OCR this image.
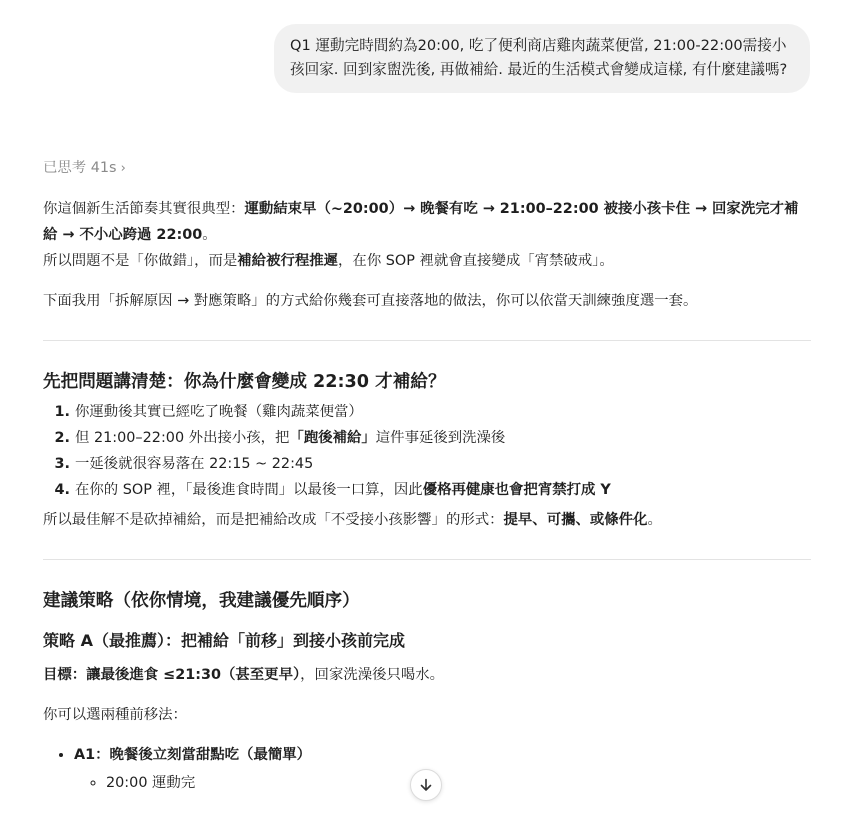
Q1 運動完時間約為20:00, 吃了便利商店雞肉蔬菜便當, 21:00-22:00需接小孩回家. 回到家盥洗後, 再做補給. 最近的生活模式會變成這樣, 有什麼建議嗎?
已思考 41s ›

你這個新生活節奏其實很典型：運動結束早（~20:00）→ 晚餐有吃 → 21:00–22:00 被接小孩卡住 → 回家洗完才補給 → 不小心跨過 22:00。

所以問題不是「你做錯」，而是補給被行程推遲，在你 SOP 裡就會直接變成「宵禁破戒」。

下面我用「拆解原因 → 對應策略」的方式給你幾套可直接落地的做法，你可以依當天訓練強度選一套。

先把問題講清楚：你為什麼會變成 22:30 才補給？
1. 你運動後其實已經吃了晚餐（雞肉蔬菜便當）
2. 但 21:00–22:00 外出接小孩，把「跑後補給」這件事延後到洗澡後
3. 一延後就很容易落在 22:15 ~ 22:45
4. 在你的 SOP 裡，「最後進食時間」以最後一口算，因此優格再健康也會把宵禁打成 Y

所以最佳解不是砍掉補給，而是把補給改成「不受接小孩影響」的形式：提早、可攜、或條件化。

建議策略（依你情境，我建議優先順序）
策略 A（最推薦）：把補給「前移」到接小孩前完成

目標：讓最後進食 ≤21:30（甚至更早），回家洗澡後只喝水。

你可以選兩種前移法：

• A1：晚餐後立刻當甜點吃（最簡單）
◦ 20:00 運動完
